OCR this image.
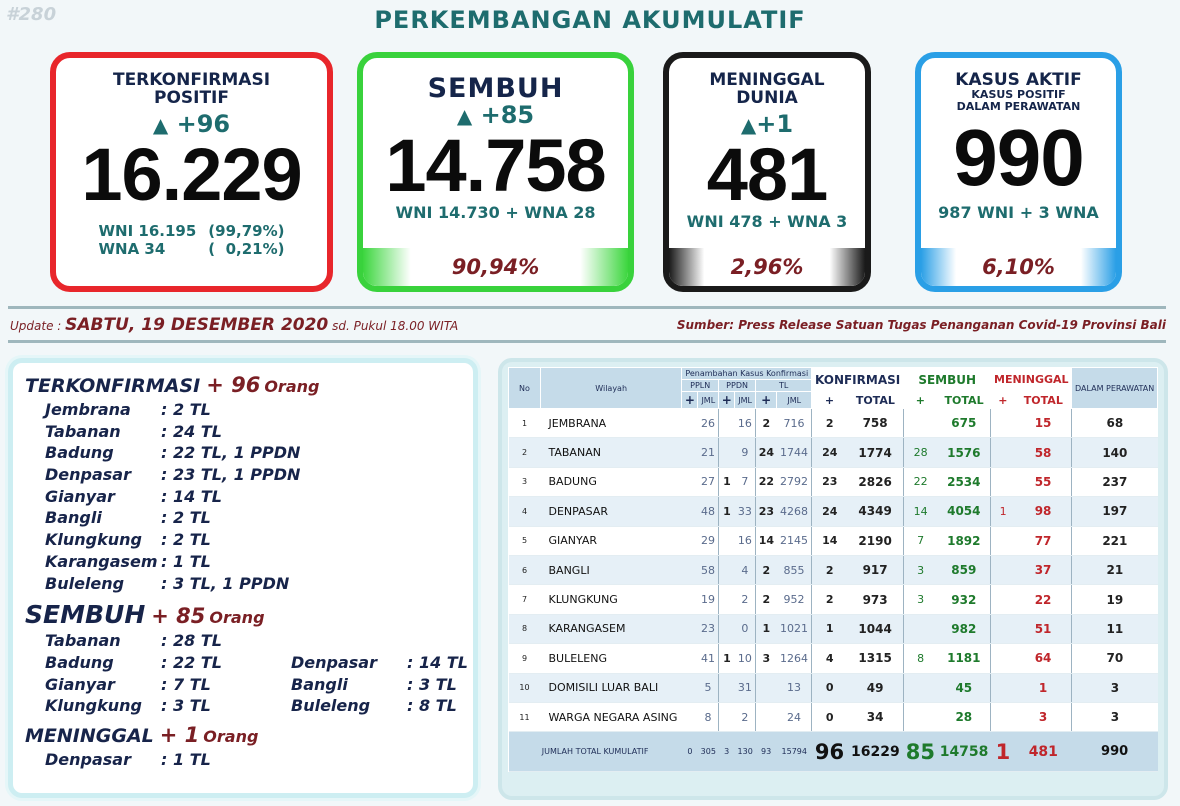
#280	PERKEMBANGAN AKUMULATIF
TERKONFIRMASI
POSITIF
▲ +96
16.229
WNI 16.195	(99,79%)
WNA 34	(  0,21%)
SEMBUH
▲ +85
14.758
WNI 14.730 + WNA 28
90,94%
MENINGGAL
DUNIA
▲+1
481
WNI 478 + WNA 3
2,96%
KASUS AKTIF
KASUS POSITIF
DALAM PERAWATAN
990
987 WNI + 3 WNA
6,10%
Update : SABTU, 19 DESEMBER 2020 sd. Pukul 18.00 WITA	Sumber: Press Release Satuan Tugas Penanganan Covid-19 Provinsi Bali
TERKONFIRMASI + 96 Orang
Jembrana : 2 TL
Tabanan	: 24 TL
Badung	: 22 TL, 1 PPDN
Denpasar : 23 TL, 1 PPDN
Gianyar	: 14 TL
Bangli	: 2 TL
Klungkung : 2 TL
Karangasem : 1 TL
Buleleng : 3 TL, 1 PPDN
SEMBUH + 85 Orang
Tabanan	: 28 TL
Badung	: 22 TL	Denpasar : 14 TL
Gianyar	: 7 TL	Bangli	: 3 TL
Klungkung : 3 TL	Buleleng : 8 TL
MENINGGAL + 1 Orang
Denpasar : 1 TL
No	Wilayah	Penambahan Kasus Konfirmasi						KONFIRMASI		SEMBUH		MENINGGAL		DALAM PERAWATAN
		PPLN		PPDN		TL								
		+	JML	+	JML	+	JML	+	TOTAL	+	TOTAL	+	TOTAL	
1	JEMBRANA		26		16	2	716	2	758		675		15	68
2	TABANAN		21		9	24	1744	24	1774	28	1576		58	140
3	BADUNG		27	1	7	22	2792	23	2826	22	2534		55	237
4	DENPASAR		48	1	33	23	4268	24	4349	14	4054	1	98	197
5	GIANYAR		29		16	14	2145	14	2190	7	1892		77	221
6	BANGLI		58		4	2	855	2	917	3	859		37	21
7	KLUNGKUNG		19		2	2	952	2	973	3	932		22	19
8	KARANGASEM		23		0	1	1021	1	1044		982		51	11
9	BULELENG		41	1	10	3	1264	4	1315	8	1181		64	70
10	DOMISILI LUAR BALI		5		31		13	0	49		45		1	3
11	WARGA NEGARA ASING		8		2		24	0	34		28		3	3
JUMLAH TOTAL KUMULATIF		0	305	3	130	93	15794	96	16229	85	14758	1	481	990
